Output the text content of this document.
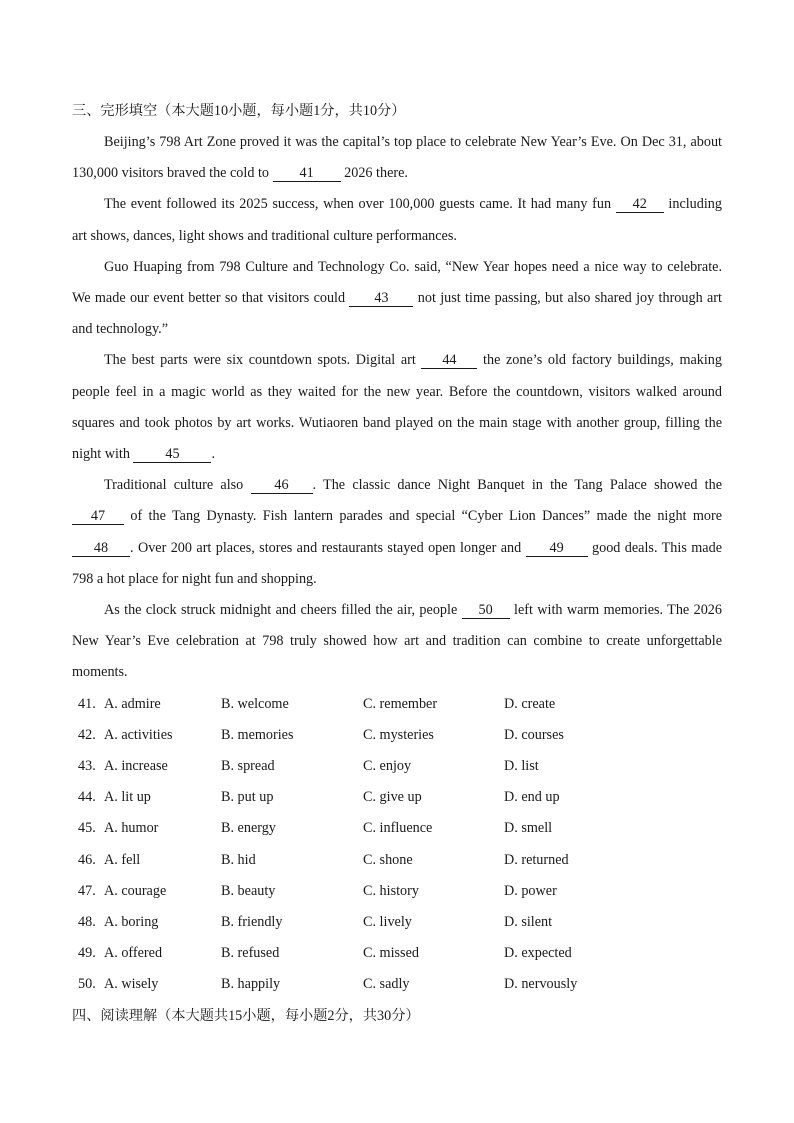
三、完形填空（本大题10小题，每小题1分，共10分）

Beijing’s 798 Art Zone proved it was the capital’s top place to celebrate New Year’s Eve. On Dec 31, about 130,000 visitors braved the cold to 41 2026 there.

The event followed its 2025 success, when over 100,000 guests came. It had many fun 42 including art shows, dances, light shows and traditional culture performances.

Guo Huaping from 798 Culture and Technology Co. said, “New Year hopes need a nice way to celebrate. We made our event better so that visitors could 43 not just time passing, but also shared joy through art and technology.”

The best parts were six countdown spots. Digital art 44 the zone’s old factory buildings, making people feel in a magic world as they waited for the new year. Before the countdown, visitors walked around squares and took photos by art works. Wutiaoren band played on the main stage with another group, filling the night with 45 .

Traditional culture also 46 . The classic dance Night Banquet in the Tang Palace showed the 47 of the Tang Dynasty. Fish lantern parades and special “Cyber Lion Dances” made the night more 48 . Over 200 art places, stores and restaurants stayed open longer and 49 good deals. This made 798 a hot place for night fun and shopping.

As the clock struck midnight and cheers filled the air, people 50 left with warm memories. The 2026 New Year’s Eve celebration at 798 truly showed how art and tradition can combine to create unforgettable moments.

41. A. admire	B. welcome	C. remember	D. create
42. A. activities	B. memories	C. mysteries	D. courses
43. A. increase	B. spread	C. enjoy	D. list
44. A. lit up	B. put up	C. give up	D. end up
45. A. humor	B. energy	C. influence	D. smell
46. A. fell	B. hid	C. shone	D. returned
47. A. courage	B. beauty	C. history	D. power
48. A. boring	B. friendly	C. lively	D. silent
49. A. offered	B. refused	C. missed	D. expected
50. A. wisely	B. happily	C. sadly	D. nervously

四、阅读理解（本大题共15小题，每小题2分，共30分）
